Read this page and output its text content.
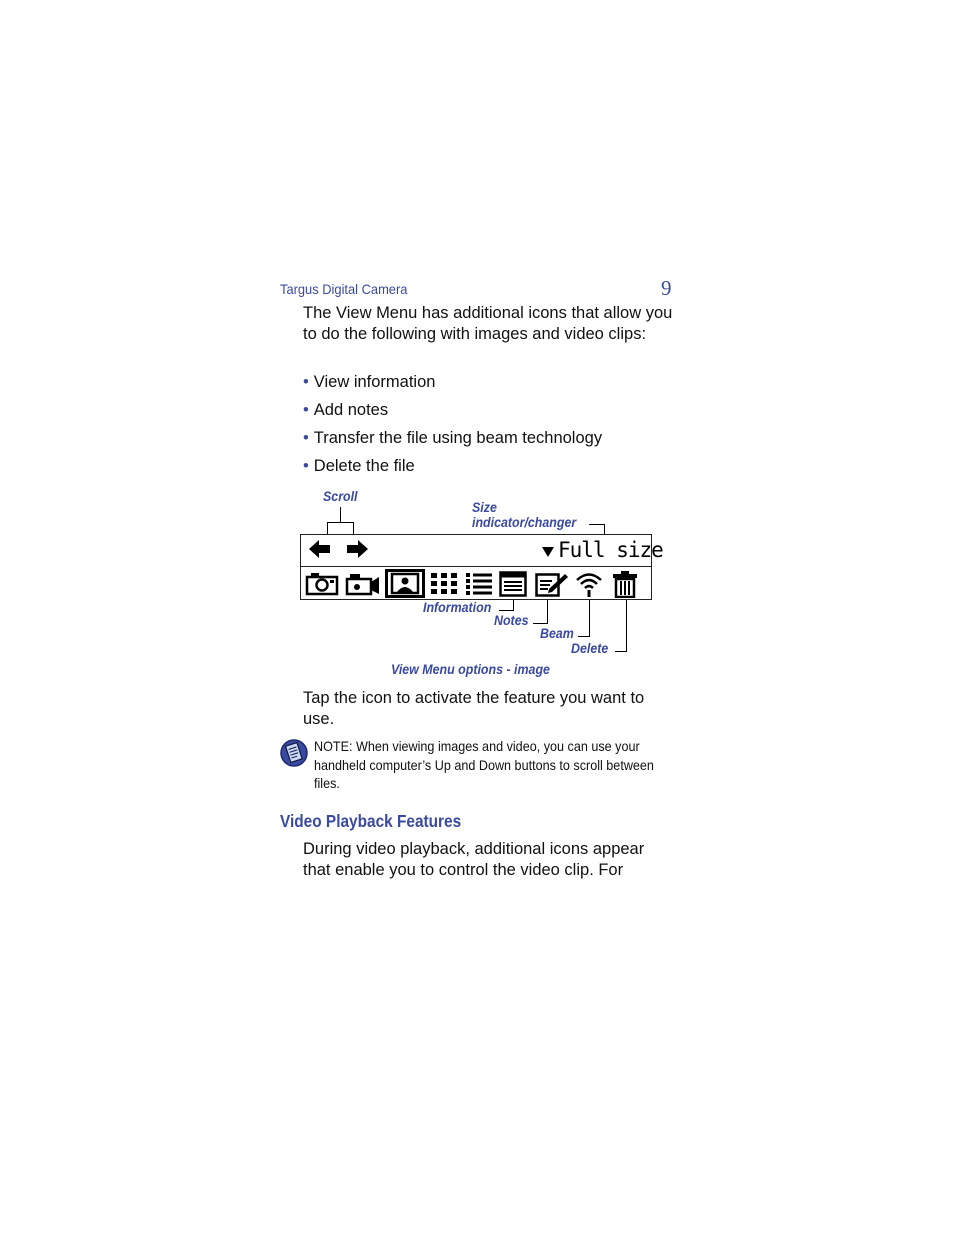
Targus Digital Camera	9
The View Menu has additional icons that allow you to do the following with images and video clips:
• View information
• Add notes
• Transfer the file using beam technology
• Delete the file
Scroll
Size
indicator/changer
Full size
Information
Notes
Beam
Delete
View Menu options - image
Tap the icon to activate the feature you want to use.
NOTE: When viewing images and video, you can use your handheld computer’s Up and Down buttons to scroll between files.
Video Playback Features
During video playback, additional icons appear that enable you to control the video clip. For
